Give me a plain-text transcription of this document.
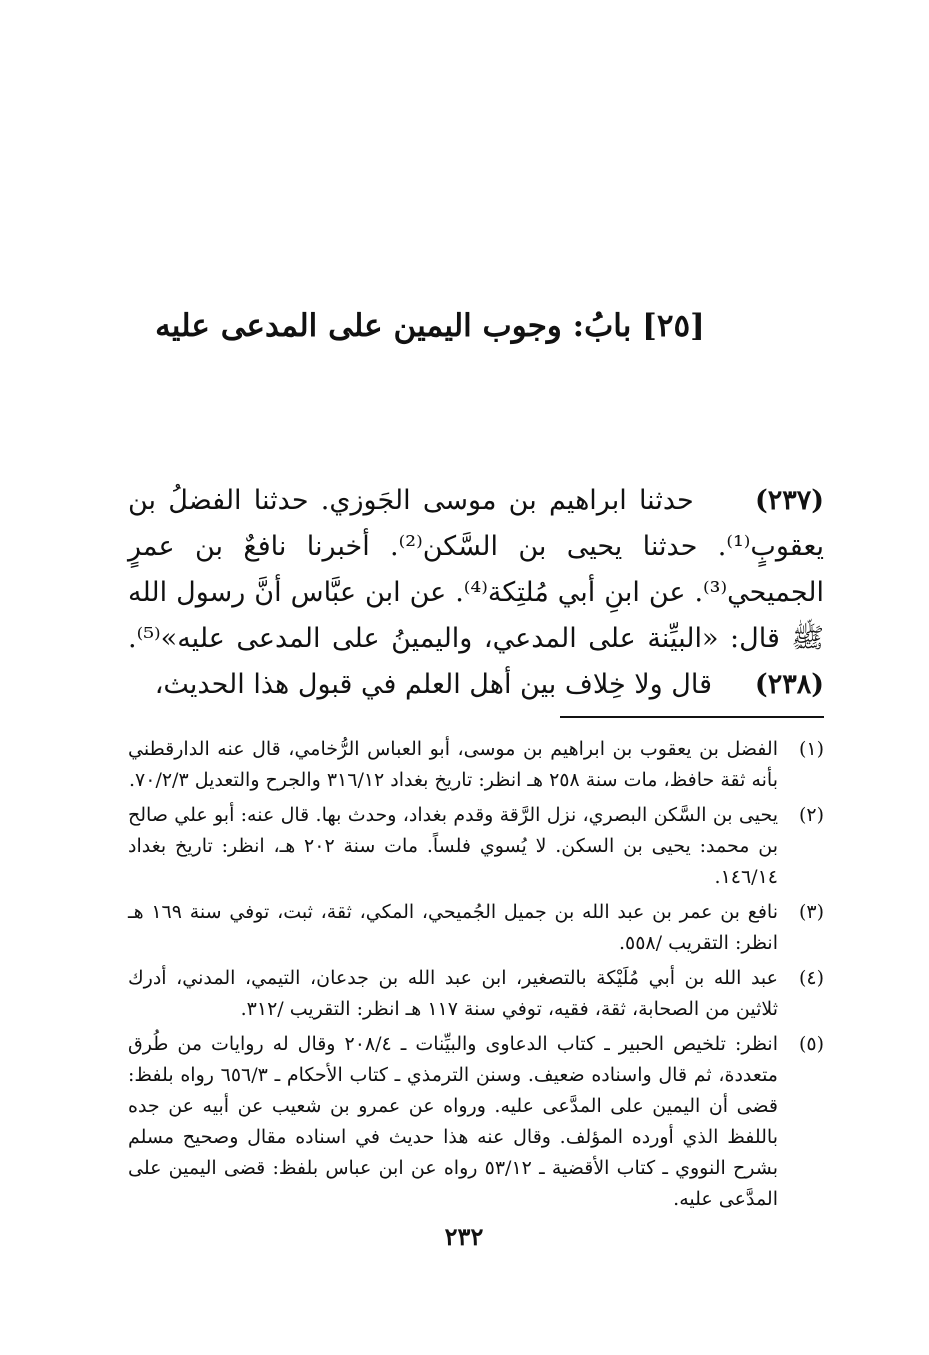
[٢٥] بابُ: وجوب اليمين على المدعى عليه
(٢٣٧)     حدثنا ابراهيم بن موسى الجَوزي. حدثنا الفضلُ بن يعقوبٍ⁽¹⁾. حدثنا يحيى بن السَّكن⁽²⁾. أخبرنا نافعٌ بن عمرٍ الجميحي⁽³⁾. عن ابنِ أبي مُلتِكة⁽⁴⁾. عن ابن عبَّاس أنَّ رسول الله ﷺ قال: «البيِّنة على المدعي، واليمينُ على المدعى عليه»⁽⁵⁾.
(٢٣٨)     قال ولا خِلاف بين أهل العلم في قبول هذا الحديث،
(١)
الفضل بن يعقوب بن ابراهيم بن موسى، أبو العباس الرُّخامي، قال عنه الدارقطني بأنه ثقة حافظ، مات سنة ٢٥٨ هـ انظر: تاريخ بغداد ٣١٦/١٢ والجرح والتعديل ٧٠/٢/٣.
(٢)
يحيى بن السَّكن البصري، نزل الرَّقة وقدم بغداد، وحدث بها. قال عنه: أبو علي صالح بن محمد: يحيى بن السكن. لا يُسوي فلساً. مات سنة ٢٠٢ هـ، انظر: تاريخ بغداد ١٤٦/١٤.
(٣)
نافع بن عمر بن عبد الله بن جميل الجُميحي، المكي، ثقة، ثبت، توفي سنة ١٦٩ هـ انظر: التقريب /٥٥٨.
(٤)
عبد الله بن أبي مُلَيْكة بالتصغير، ابن عبد الله بن جدعان، التيمي، المدني، أدرك ثلاثين من الصحابة، ثقة، فقيه، توفي سنة ١١٧ هـ انظر: التقريب /٣١٢.
(٥)
انظر: تلخيص الحبير ـ كتاب الدعاوى والبيِّنات ـ ٢٠٨/٤ وقال له روايات من طُرق متعددة، ثم قال واسناده ضعيف. وسنن الترمذي ـ كتاب الأحكام ـ ٦٥٦/٣ رواه بلفظ: قضى أن اليمين على المدَّعى عليه. ورواه عن عمرو بن شعيب عن أبيه عن جده باللفظ الذي أورده المؤلف. وقال عنه هذا حديث في اسناده مقال وصحيح مسلم بشرح النووي ـ كتاب الأقضية ـ ٥٣/١٢ رواه عن ابن عباس بلفظ: قضى اليمين على المدَّعى عليه.
٢٣٢
